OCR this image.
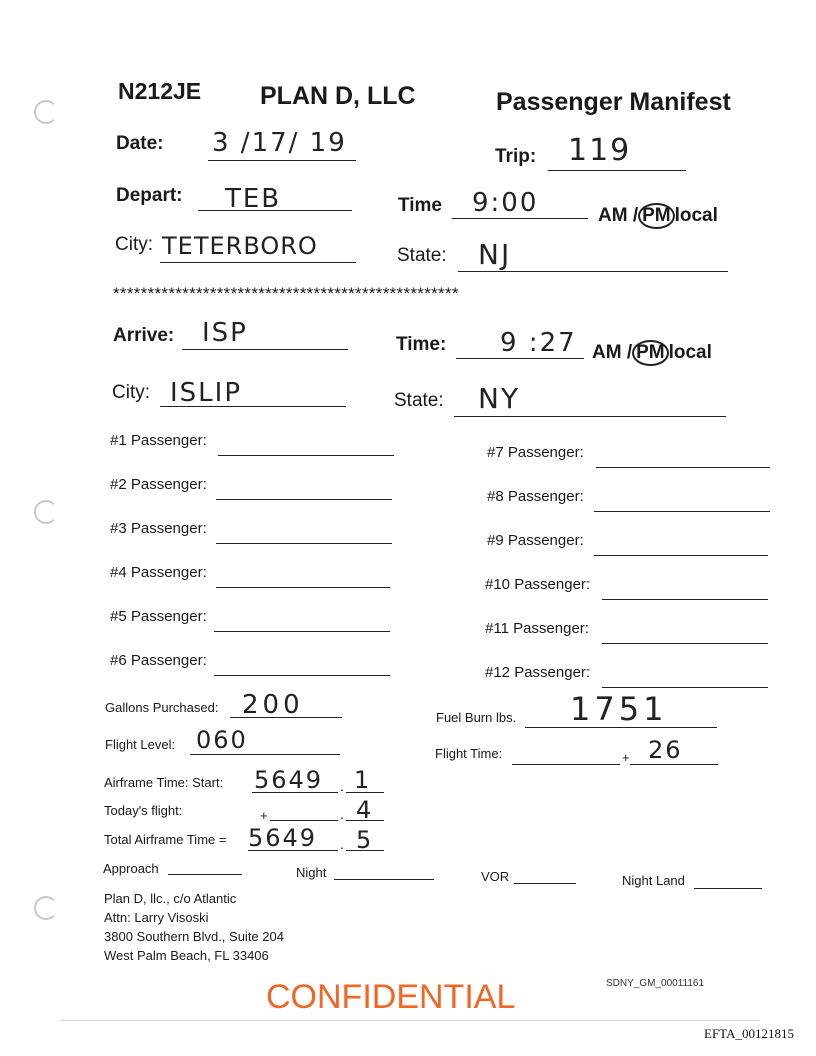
N212JE PLAN D, LLC	Passenger Manifest
Date: 3 /17/ 19	Trip: 119
Depart: TEB	Time 9:00	AM / PM local
City: TETERBORO	State: NJ
**************************************************
Arrive: ISP	Time: 9 :27 AM / PM local
City: ISLIP	State: NY
#1 Passenger:
#2 Passenger:
#3 Passenger:
#4 Passenger:
#5 Passenger:
#6 Passenger:
#7 Passenger:
#8 Passenger:
#9 Passenger:
#10 Passenger:
#11 Passenger:
#12 Passenger:
Gallons Purchased: 200	Fuel Burn lbs. 1751
Flight Level: 060	Flight Time:	+ 26
Airframe Time: Start: 5649 . 1
Today's flight:	+	. 4
Total Airframe Time = 5649 . 5
Approach	Night	VOR	Night Land
Plan D, llc., c/o Atlantic
Attn: Larry Visoski
3800 Southern Blvd., Suite 204
West Palm Beach, FL 33406
CONFIDENTIAL	SDNY_GM_00011161
EFTA_00121815
